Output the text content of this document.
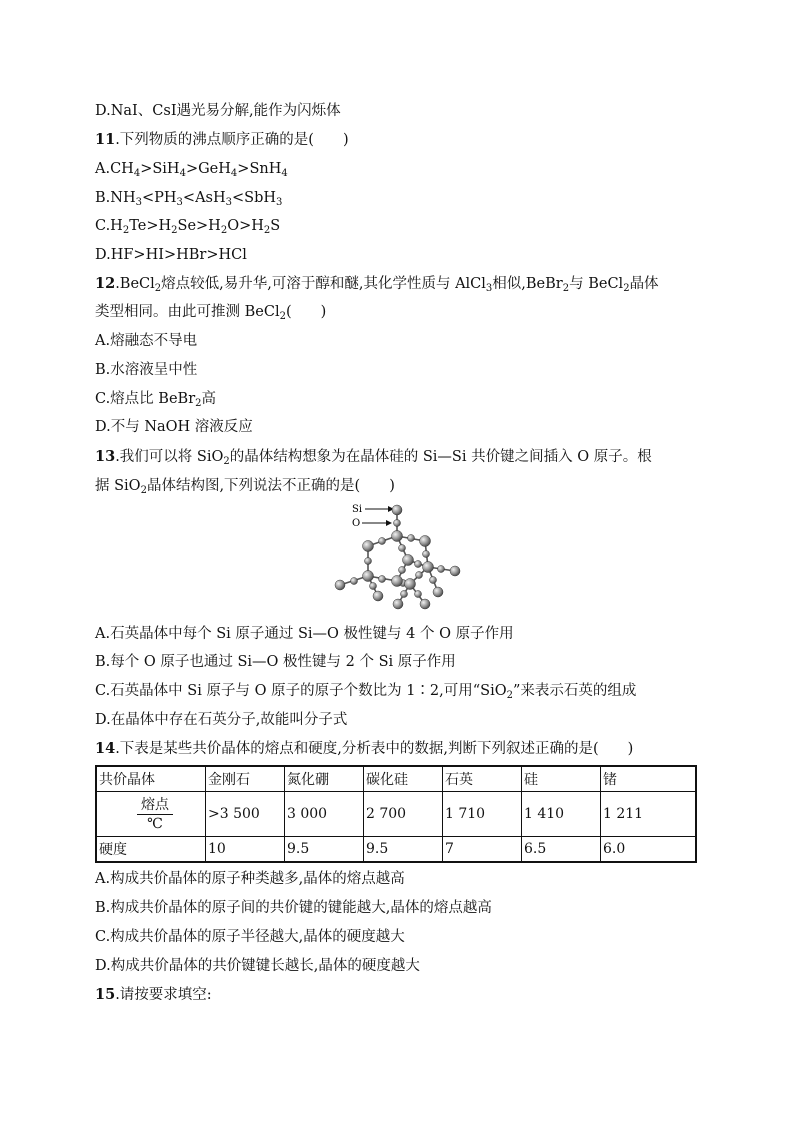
D.NaI、CsI遇光易分解,能作为闪烁体
11.下列物质的沸点顺序正确的是(　　)
$A.CH_4>SiH_4>GeH_4>SnH_4$
$B.NH_3<PH_3<AsH_3<SbH_3$
$C.H_2Te>H_2Se>H_2O>H_2S$
D.HF>HI>HBr>HCl
12.BeCl$_2$熔点较低,易升华,可溶于醇和醚,其化学性质与 AlCl$_3$相似,BeBr$_2$与 BeCl$_2$晶体
类型相同。由此可推测 BeCl$_2$(　　)
A.熔融态不导电
B.水溶液呈中性
C.熔点比 BeBr$_2$高
D.不与 NaOH 溶液反应
13.我们可以将 SiO$_2$的晶体结构想象为在晶体硅的 Si—Si 共价键之间插入 O 原子。根
据 SiO$_2$晶体结构图,下列说法不正确的是(　　)
Si
O
A.石英晶体中每个 Si 原子通过 Si—O 极性键与 4 个 O 原子作用
B.每个 O 原子也通过 Si—O 极性键与 2 个 Si 原子作用
C.石英晶体中 Si 原子与 O 原子的原子个数比为 1∶2,可用“SiO$_2$”来表示石英的组成
D.在晶体中存在石英分子,故能叫分子式
14.下表是某些共价晶体的熔点和硬度,分析表中的数据,判断下列叙述正确的是(　　)
共价晶体	金刚石	氮化硼	碳化硅	石英	硅	锗

$\frac{\text{熔点}}{℃}$	>3 500	3 000	2 700	1 710	1 410	1 211
硬度	10	9.5	9.5	7	6.5	6.0
A.构成共价晶体的原子种类越多,晶体的熔点越高
B.构成共价晶体的原子间的共价键的键能越大,晶体的熔点越高
C.构成共价晶体的原子半径越大,晶体的硬度越大
D.构成共价晶体的共价键键长越长,晶体的硬度越大
15.请按要求填空:
